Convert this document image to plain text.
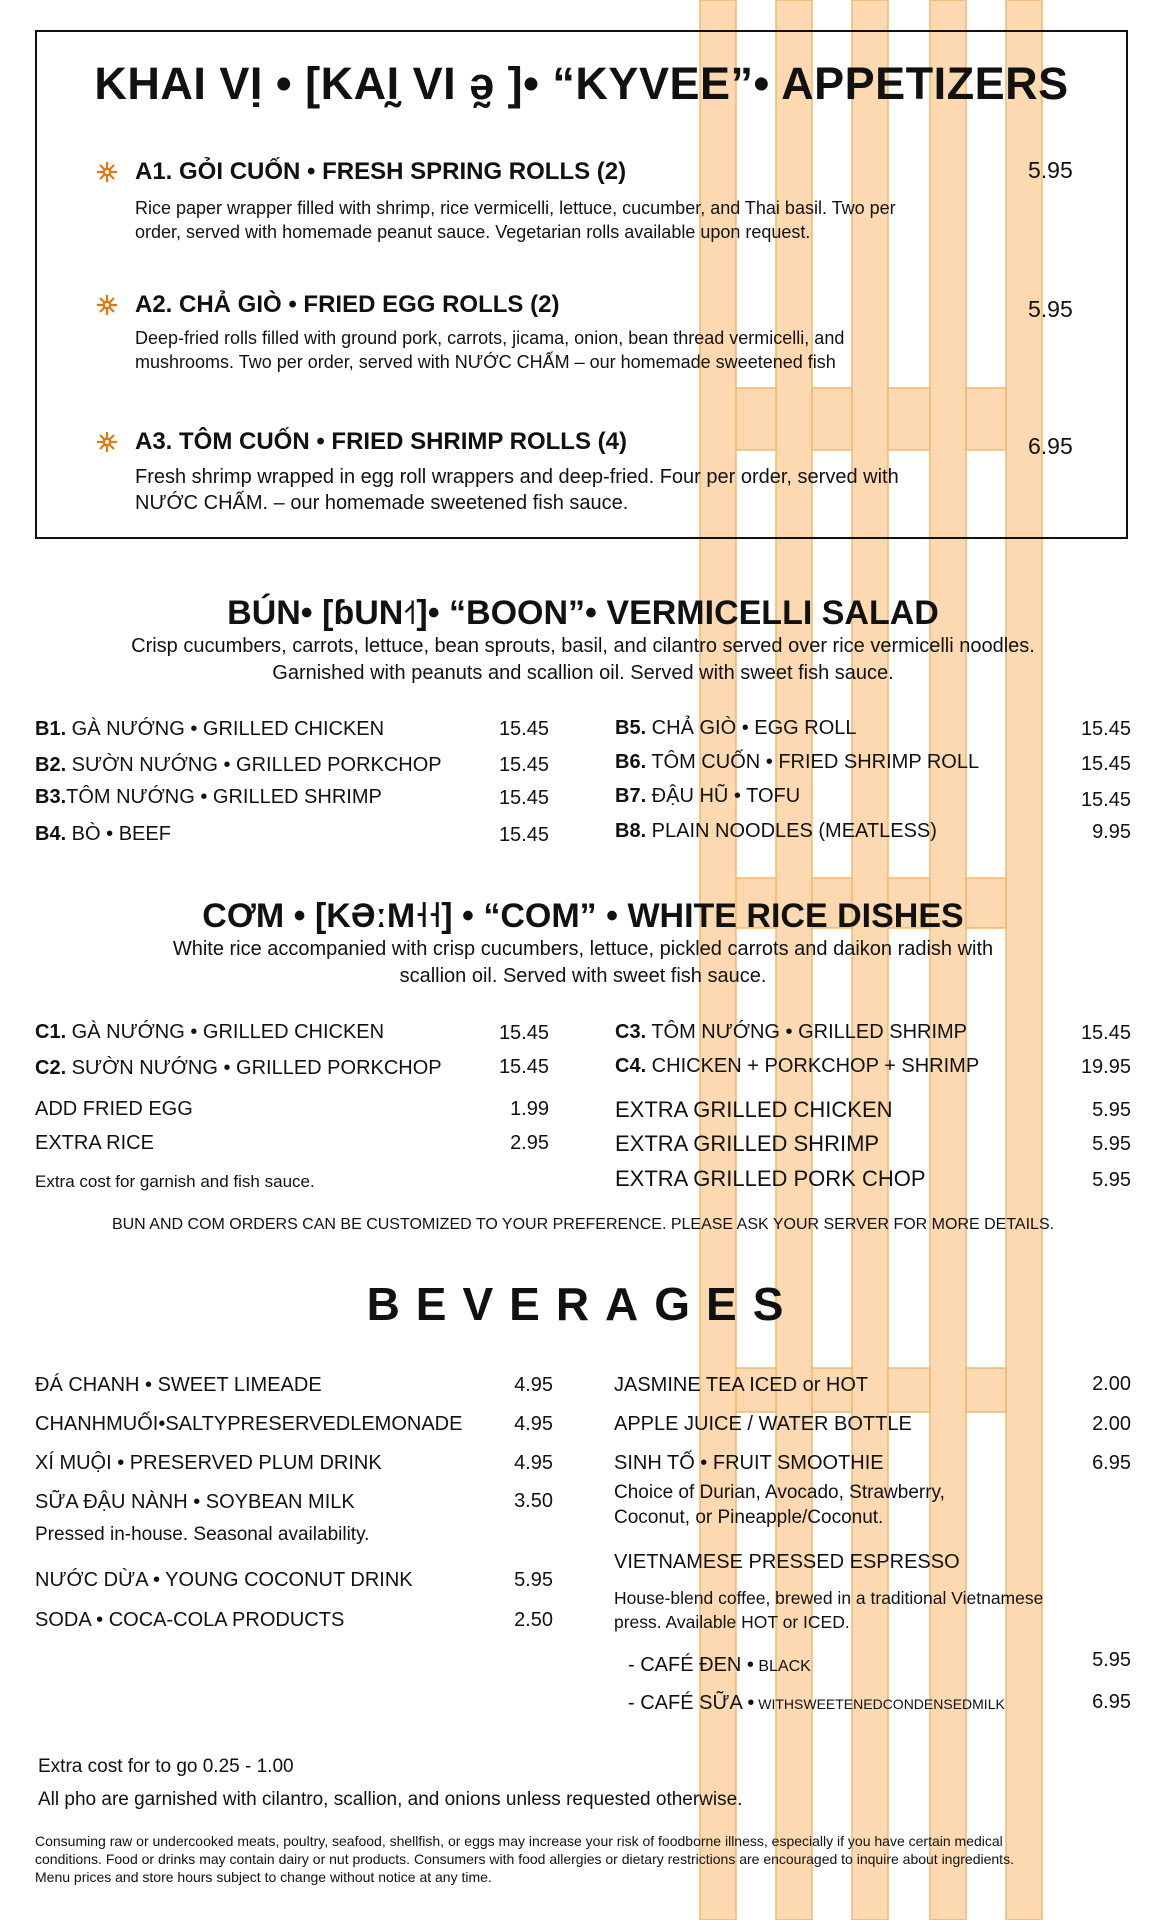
KHAI VỊ • [KAḬ VI ə̰ ]• “KYVEE”• APPETIZERS
A1. GỎI CUỐN • FRESH SPRING ROLLS (2)	5.95
Rice paper wrapper filled with shrimp, rice vermicelli, lettuce, cucumber, and Thai basil. Two per order, served with homemade peanut sauce. Vegetarian rolls available upon request.
A2. CHẢ GIÒ • FRIED EGG ROLLS (2)	5.95
Deep-fried rolls filled with ground pork, carrots, jicama, onion, bean thread vermicelli, and mushrooms. Two per order, served with NƯỚC CHẤM – our homemade sweetened fish
A3. TÔM CUỐN • FRIED SHRIMP ROLLS (4)	6.95
Fresh shrimp wrapped in egg roll wrappers and deep-fried. Four per order, served with NƯỚC CHẤM. – our homemade sweetened fish sauce.
BÚN• [ɓUN˧˦]• “BOON”• VERMICELLI SALAD
Crisp cucumbers, carrots, lettuce, bean sprouts, basil, and cilantro served over rice vermicelli noodles.
Garnished with peanuts and scallion oil. Served with sweet fish sauce.
B1. GÀ NƯỚNG • GRILLED CHICKEN	15.45
B2. SƯỜN NƯỚNG • GRILLED PORKCHOP	15.45
B3.TÔM NƯỚNG • GRILLED SHRIMP	15.45
B4. BÒ • BEEF	15.45
B5. CHẢ GIÒ • EGG ROLL	15.45
B6. TÔM CUỐN • FRIED SHRIMP ROLL	15.45
B7. ĐẬU HŨ • TOFU	15.45
B8. PLAIN NOODLES (MEATLESS)	9.95
CƠM • [KƏːM˧˧] • “COM” • WHITE RICE DISHES
White rice accompanied with crisp cucumbers, lettuce, pickled carrots and daikon radish with
scallion oil. Served with sweet fish sauce.
C1. GÀ NƯỚNG • GRILLED CHICKEN	15.45
C2. SƯỜN NƯỚNG • GRILLED PORKCHOP	15.45
C3. TÔM NƯỚNG • GRILLED SHRIMP	15.45
C4. CHICKEN + PORKCHOP + SHRIMP	19.95
ADD FRIED EGG	1.99
EXTRA RICE	2.95
Extra cost for garnish and fish sauce.
EXTRA GRILLED CHICKEN	5.95
EXTRA GRILLED SHRIMP	5.95
EXTRA GRILLED PORK CHOP	5.95
BUN AND COM ORDERS CAN BE CUSTOMIZED TO YOUR PREFERENCE. PLEASE ASK YOUR SERVER FOR MORE DETAILS.
BEVERAGES
ĐÁ CHANH • SWEET LIMEADE	4.95
CHANHMUỐI•SALTYPRESERVEDLEMONADE	4.95
XÍ MUỘI • PRESERVED PLUM DRINK	4.95
SỮA ĐẬU NÀNH • SOYBEAN MILK	3.50
Pressed in-house. Seasonal availability.
NƯỚC DỪA • YOUNG COCONUT DRINK	5.95
SODA • COCA-COLA PRODUCTS	2.50
JASMINE TEA ICED or HOT	2.00
APPLE JUICE / WATER BOTTLE	2.00
SINH TỐ • FRUIT SMOOTHIE	6.95
Choice of Durian, Avocado, Strawberry,
Coconut, or Pineapple/Coconut.
VIETNAMESE PRESSED ESPRESSO
House-blend coffee, brewed in a traditional Vietnamese
press. Available HOT or ICED.
- CAFÉ ĐEN • BLACK	5.95
- CAFÉ SỮA • WITHSWEETENEDCONDENSEDMILK	6.95
Extra cost for to go 0.25 - 1.00
All pho are garnished with cilantro, scallion, and onions unless requested otherwise.
Consuming raw or undercooked meats, poultry, seafood, shellfish, or eggs may increase your risk of foodborne illness, especially if you have certain medical
conditions. Food or drinks may contain dairy or nut products. Consumers with food allergies or dietary restrictions are encouraged to inquire about ingredients.
Menu prices and store hours subject to change without notice at any time.
